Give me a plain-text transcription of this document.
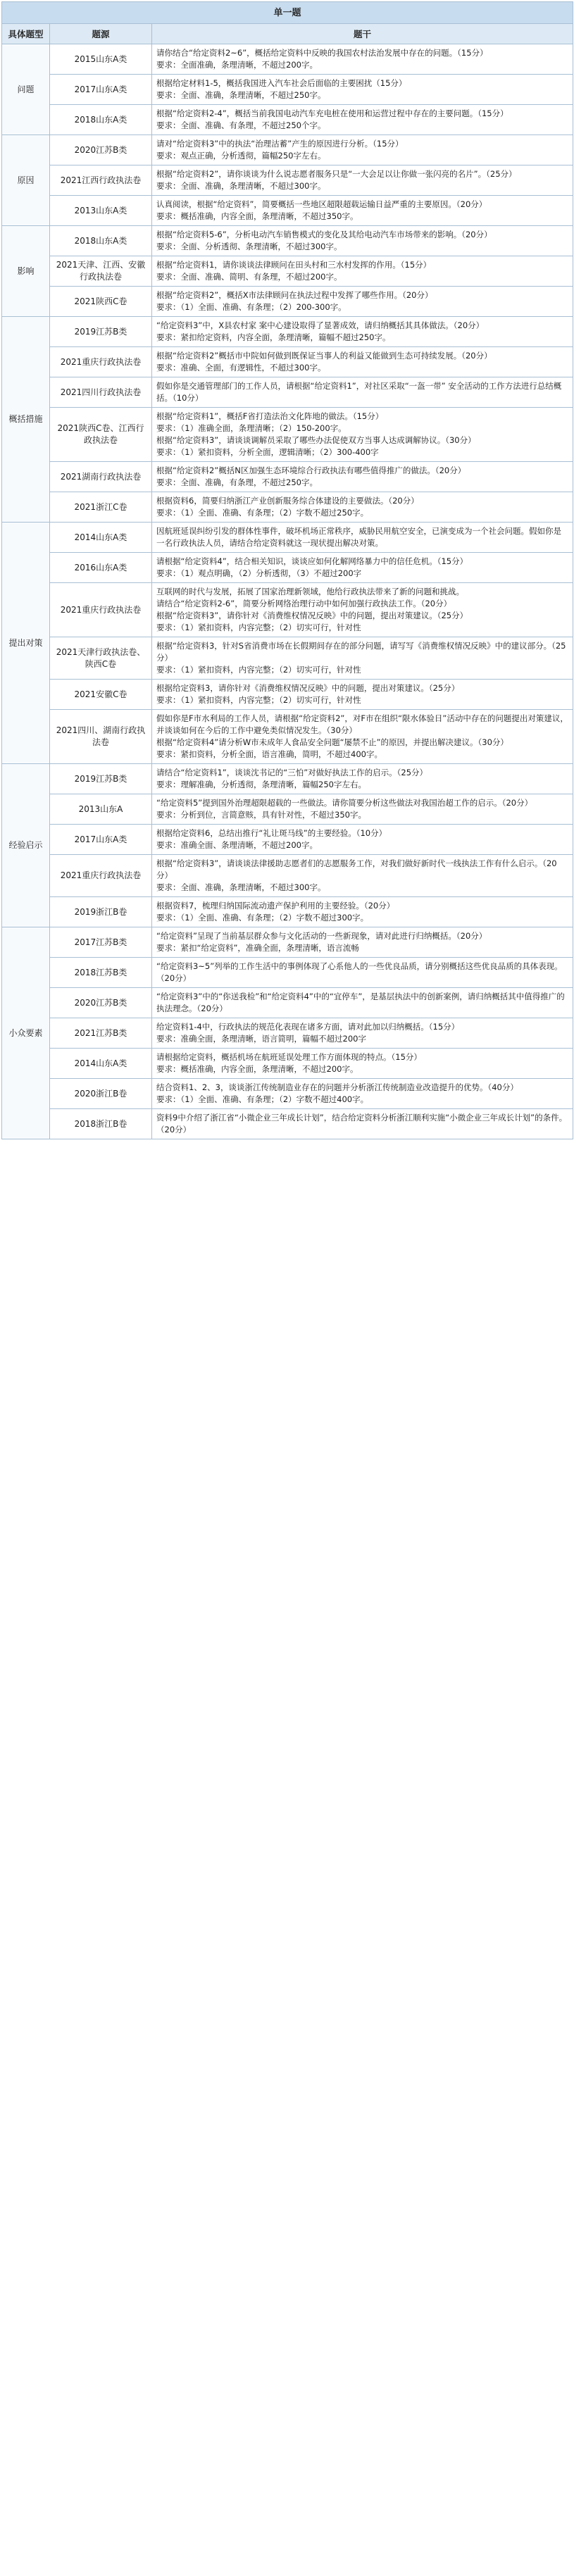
单一题		
具体题型	题源	题干
问题	2015山东A类	请你结合“给定资料2~6”，概括给定资料中反映的我国农村法治发展中存在的问题。（15分）
要求：全面准确，条理清晰，不超过200字。

	2017山东A类	根据给定材料1-5，概括我国进入汽车社会后面临的主要困扰（15分）
要求：全面、准确，条理清晰，不超过250字。

	2018山东A类	根据“给定资料2-4”，概括当前我国电动汽车充电桩在使用和运营过程中存在的主要问题。（15分）
要求：全面、准确、有条理，不超过250个字。

原因	2020江苏B类	请对“给定资料3”中的执法“治理沽蓄”产生的原因进行分析。（15分）
要求：观点正确，分析透彻，篇幅250字左右。

	2021江西行政执法卷	根据“给定资料2”，请你谈谈为什么说志愿者服务只是“一大会足以让你做一张闪亮的名片”。（25分）
要求：全面、准确，条理清晰，不超过300字。

	2013山东A类	认真阅读，根据“给定资料”，简要概括一些地区超限超载运输日益严重的主要原因。（20分）
要求：概括准确，内容全面，条理清晰，不超过350字。

影响	2018山东A类	根据“给定资料5-6”，分析电动汽车销售模式的变化及其给电动汽车市场带来的影响。（20分）
要求：全面、分析透彻、条理清晰，不超过300字。

	2021天津、江西、安徽行政执法卷	根据“给定资料1，请你谈谈法律顾问在田头村和三水村发挥的作用。（15分）
要求：全面、准确、简明、有条理，不超过200字。

	2021陕西C卷	根据“给定资料2”，概括X市法律顾问在执法过程中发挥了哪些作用。（20分）
要求：（1）全面、准确、有条理；（2）200-300字。

概括措施	2019江苏B类	“给定资料3”中，X县农村家 案中心建设取得了显著成效，请归纳概括其具体做法。（20分）
要求：紧扣给定资料，内容全面，条理清晰，篇幅不超过250字。

	2021重庆行政执法卷	根据“给定资料2”概括市中院如何做到既保证当事人的利益又能做到生态可持续发展。（20分）
要求：准确、全面，有逻辑性，不超过300字。

	2021四川行政执法卷	假如你是交通管理部门的工作人员，请根据“给定资料1”，对社区采取“一盔一带” 安全活动的工作方法进行总结概括。（10分）

	2021陕西C卷、江西行政执法卷	根据“给定资料1”，概括F省打造法治文化阵地的做法。（15分）
要求：（1）准确全面，条理清晰；（2）150-200字。
根据“给定资料3”，请谈谈调解员采取了哪些办法促使双方当事人达成调解协议。（30分）
要求：（1）紧扣资料，分析全面，逻辑清晰；（2）300-400字

	2021湖南行政执法卷	根据“给定资料2”概括N区加强生态环境综合行政执法有哪些值得推广的做法。（20分）
要求：全面、准确，有条理，不超过250字。

	2021浙江C卷	根据资料6，简要归纳浙江产业创新服务综合体建设的主要做法。（20分）
要求：（1）全面、准确、有条理；（2）字数不超过250字。

提出对策	2014山东A类	因航班延误纠纷引发的群体性事件，破坏机场正常秩序，威胁民用航空安全，已演变成为一个社会问题。假如你是一名行政执法人员，请结合给定资料就这一现状提出解决对策。

	2016山东A类	请根据“给定资料4”，结合相关知识，谈谈应如何化解网络暴力中的信任危机。（15分）
要求：（1）观点明确，（2）分析透彻，（3）不超过200字

	2021重庆行政执法卷	互联网的时代与发展，拓展了国家治理新领域，他给行政执法带来了新的问题和挑战。
请结合“给定资料2-6”，简要分析网络治理行动中如何加强行政执法工作。（20分）
根据“给定资料3”，请你针对《消费维权情况反映》中的问题，提出对策建议。（25分）
要求：（1）紧扣资料，内容完整；（2）切实可行，针对性

	2021天津行政执法卷、陕西C卷	根据“给定资料3，针对S省消费市场在长假期间存在的部分问题，请写写《消费维权情况反映》中的建议部分。（25分）
要求：（1）紧扣资料，内容完整；（2）切实可行，针对性

	2021安徽C卷	根据给定资料3，请你针对《消费维权情况反映》中的问题，提出对策建议。（25分）
要求：（1）紧扣资料，内容完整；（2）切实可行，针对性

	2021四川、湖南行政执法卷	假如你是F市水利局的工作人员，请根据“给定资料2”，对F市在组织“限水体验日”活动中存在的问题提出对策建议，并谈谈如何在今后的工作中避免类似情况发生。（30分）
根据“给定资料4”请分析W市未成年人食品安全问题“屡禁不止”的原因，并提出解决建议。（30分）
要求：紧扣资料，分析全面，语言准确，简明，不超过400字。

经验启示	2019江苏B类	请结合“给定资料1”，谈谈沈书记的“三怕”对做好执法工作的启示。（25分）
要求：理解准确，分析透彻，条理清晰，篇幅250字左右。

	2013山东A	“给定资料5”提到国外治理超限超载的一些做法。请你简要分析这些做法对我国治超工作的启示。（20分）
要求：分析到位，言简意赅，具有针对性，不超过350字。

	2017山东A类	根据给定资料6，总结出推行“礼让斑马线”的主要经验。（10分）
要求：准确全面、条理清晰，不超过200字。

	2021重庆行政执法卷	根据“给定资料3”，请谈谈法律援助志愿者们的志愿服务工作，对我们做好新时代一线执法工作有什么启示。（20分）
要求：全面、准确，条理清晰，不超过300字。

	2019浙江B卷	根据资料7，梳理归纳国际流动遗产保护利用的主要经验。（20分）
要求：（1）全面、准确、有条理；（2）字数不超过300字。

小众要素	2017江苏B类	“给定资料”呈现了当前基层群众参与文化活动的一些新现象，请对此进行归纳概括。（20分）
要求：紧扣“给定资料”，准确全面，条理清晰，语言流畅

	2018江苏B类	“给定资料3~5”列举的工作生活中的事例体现了心系他人的一些优良品质，请分别概括这些优良品质的具体表现。（20分）

	2020江苏B类	“给定资料3”中的“你送我检”和“给定资料4”中的“宜停车”，是基层执法中的创新案例，请归纳概括其中值得推广的执法理念。（20分）

	2021江苏B类	给定资料1-4中，行政执法的规范化表现在诸多方面，请对此加以归纳概括。（15分）
要求：准确全面，条理清晰，语言简明，篇幅不超过200字

	2014山东A类	请根据给定资料，概括机场在航班延误处理工作方面体现的特点。（15分）
要求：概括准确，内容全面，条理清晰，不超过200字。

	2020浙江B卷	结合资料1、2、3，谈谈浙江传统制造业存在的问题并分析浙江传统制造业改造提升的优势。（40分）
要求：（1）全面、准确、有条理；（2）字数不超过400字。

	2018浙江B卷	资料9中介绍了浙江省“小微企业三年成长计划”，结合给定资料分析浙江顺利实施“小微企业三年成长计划”的条件。（20分）
